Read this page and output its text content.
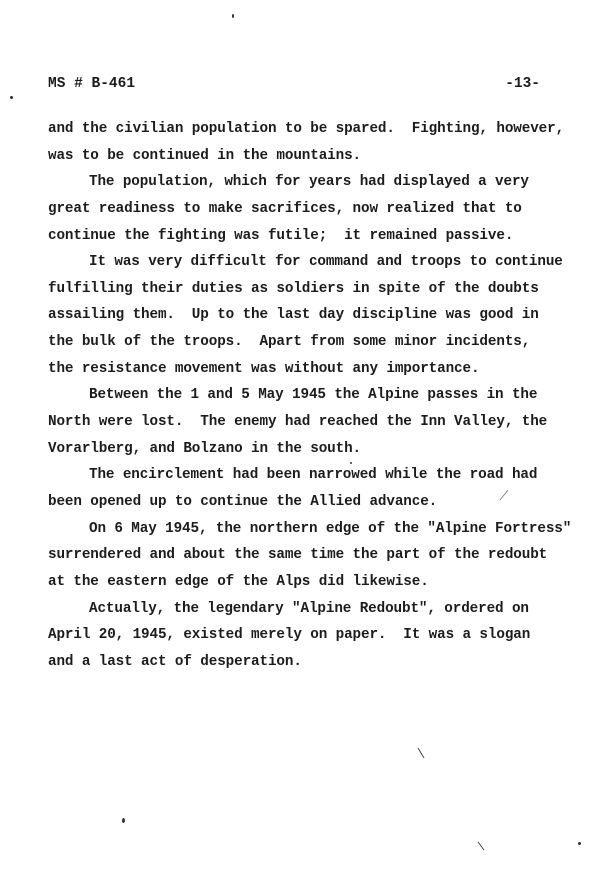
MS # B-461	-13-
and the civilian population to be spared.  Fighting, however,
was to be continued in the mountains.
The population, which for years had displayed a very
great readiness to make sacrifices, now realized that to
continue the fighting was futile;  it remained passive.
It was very difficult for command and troops to continue
fulfilling their duties as soldiers in spite of the doubts
assailing them.  Up to the last day discipline was good in
the bulk of the troops.  Apart from some minor incidents,
the resistance movement was without any importance.
Between the 1 and 5 May 1945 the Alpine passes in the
North were lost.  The enemy had reached the Inn Valley, the
Vorarlberg, and Bolzano in the south.
The encirclement had been narrowed while the road had
been opened up to continue the Allied advance.
On 6 May 1945, the northern edge of the "Alpine Fortress"
surrendered and about the same time the part of the redoubt
at the eastern edge of the Alps did likewise.
Actually, the legendary "Alpine Redoubt", ordered on
April 20, 1945, existed merely on paper.  It was a slogan
and a last act of desperation.
